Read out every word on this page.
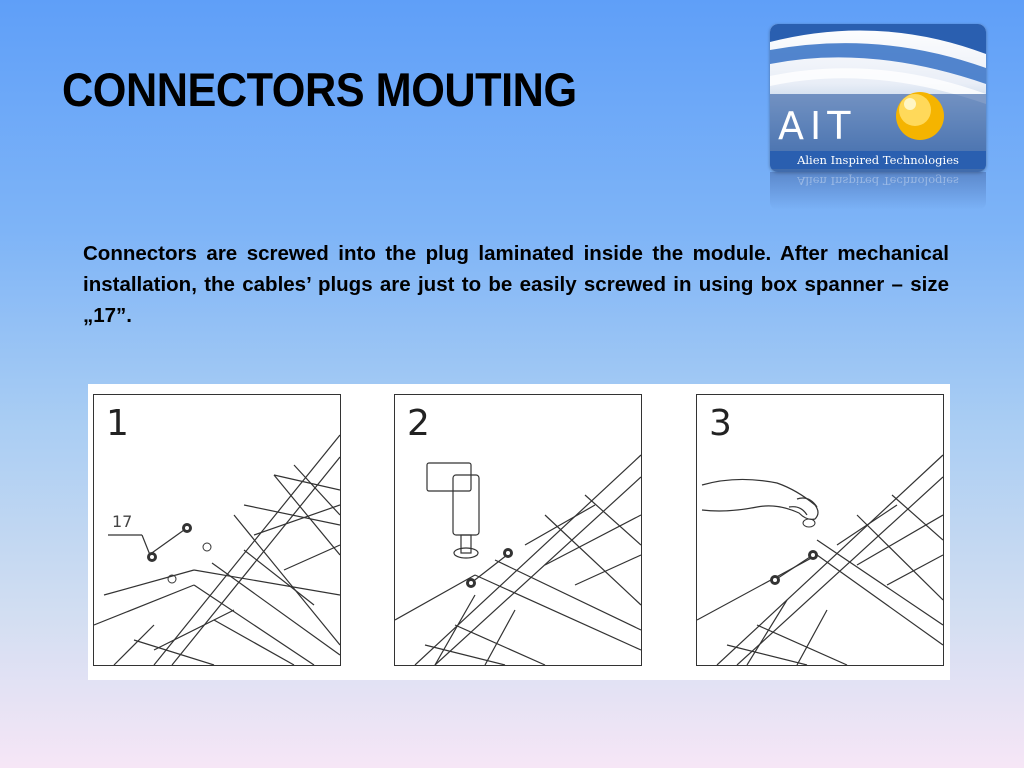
CONNECTORS MOUTING
AIT
Alien Inspired Technologies
Alien Inspired Technologies
Connectors are screwed into the plug laminated inside the module. After mechanical installation, the cables’ plugs are just to be easily screwed in using box spanner – size „17”.
1
17
2	3
